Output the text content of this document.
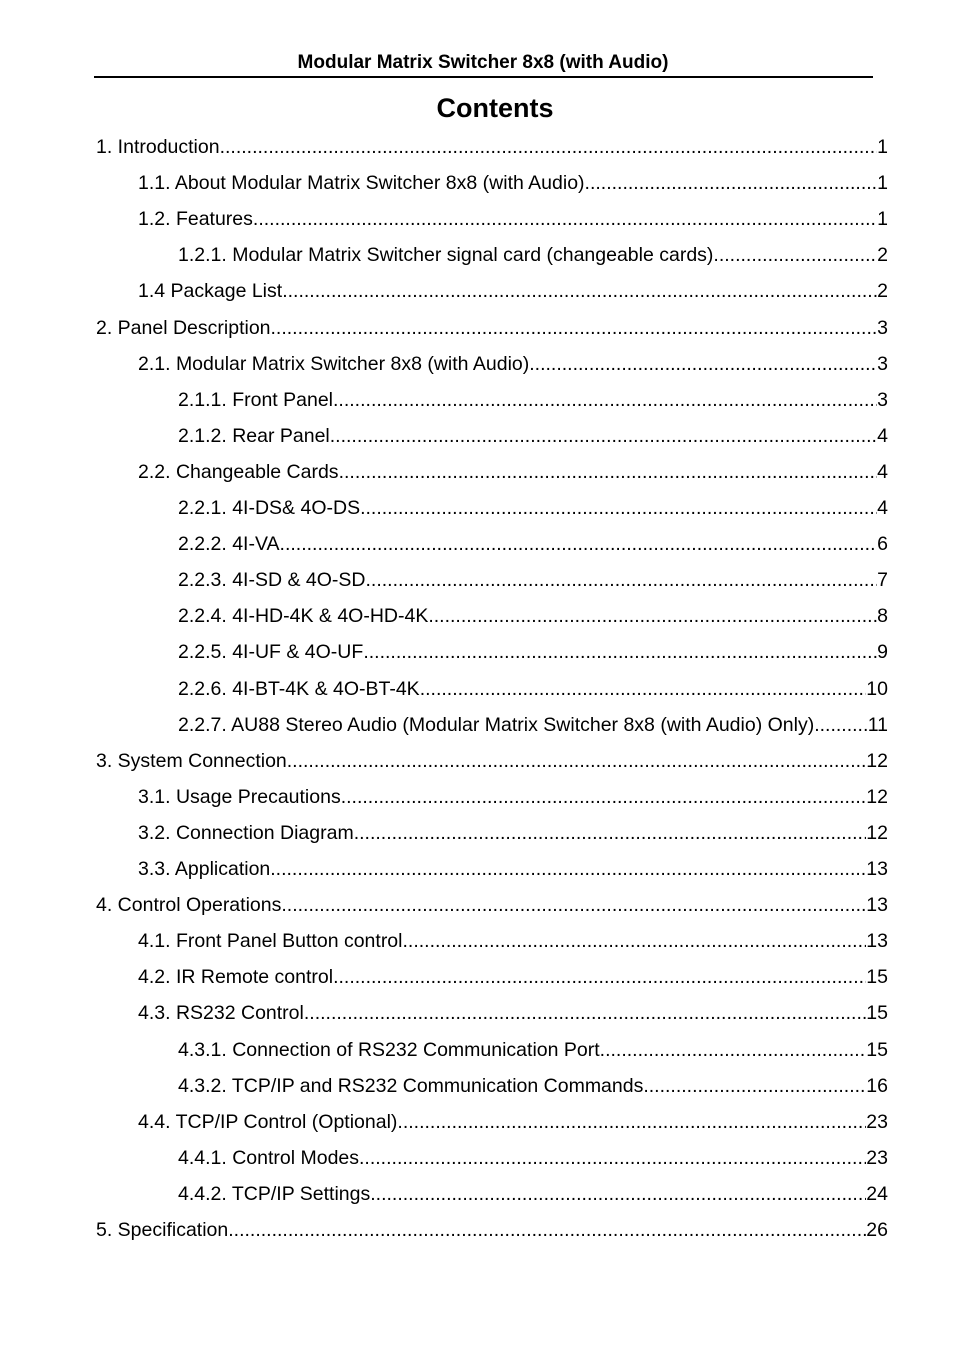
Modular Matrix Switcher 8x8 (with Audio)
Contents
1. Introduction .....	1
1.1. About Modular Matrix Switcher 8x8 (with Audio) .....	1
1.2. Features .....	1
1.2.1. Modular Matrix Switcher signal card (changeable cards) .....	2
1.4 Package List .....	2
2. Panel Description .....	3
2.1. Modular Matrix Switcher 8x8 (with Audio) .....	3
2.1.1. Front Panel .....	3
2.1.2. Rear Panel .....	4
2.2. Changeable Cards .....	4
2.2.1. 4I-DS& 4O-DS .....	4
2.2.2. 4I-VA .....	6
2.2.3. 4I-SD & 4O-SD .....	7
2.2.4. 4I-HD-4K & 4O-HD-4K .....	8
2.2.5. 4I-UF & 4O-UF .....	9
2.2.6. 4I-BT-4K & 4O-BT-4K .....	10
2.2.7. AU88 Stereo Audio (Modular Matrix Switcher 8x8 (with Audio) Only) .....	11
3. System Connection .....	12
3.1. Usage Precautions .....	12
3.2. Connection Diagram .....	12
3.3. Application .....	13
4. Control Operations .....	13
4.1. Front Panel Button control .....	13
4.2. IR Remote control .....	15
4.3. RS232 Control .....	15
4.3.1. Connection of RS232 Communication Port .....	15
4.3.2. TCP/IP and RS232 Communication Commands .....	16
4.4. TCP/IP Control (Optional) .....	23
4.4.1. Control Modes .....	23
4.4.2. TCP/IP Settings .....	24
5. Specification .....	26
